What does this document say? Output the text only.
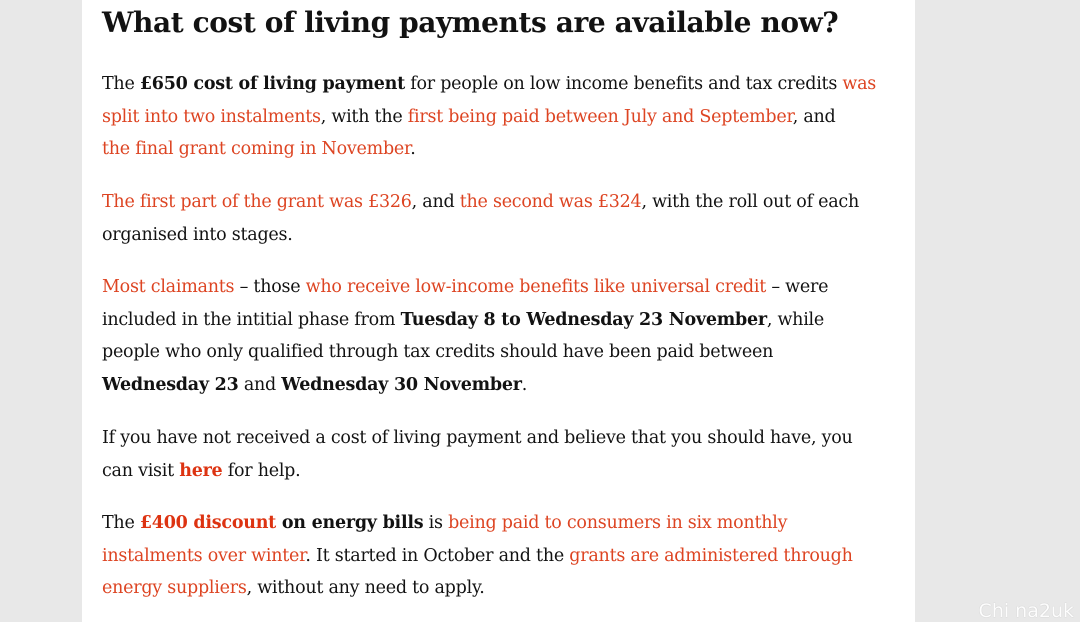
What cost of living payments are available now?

The £650 cost of living payment for people on low income benefits and tax credits was
split into two instalments, with the first being paid between July and September, and
the final grant coming in November.

The first part of the grant was £326, and the second was £324, with the roll out of each
organised into stages.

Most claimants – those who receive low-income benefits like universal credit – were
included in the intitial phase from Tuesday 8 to Wednesday 23 November, while
people who only qualified through tax credits should have been paid between
Wednesday 23 and Wednesday 30 November.

If you have not received a cost of living payment and believe that you should have, you
can visit here for help.

The £400 discount on energy bills is being paid to consumers in six monthly
instalments over winter. It started in October and the grants are administered through
energy suppliers, without any need to apply.

Chi na2uk
